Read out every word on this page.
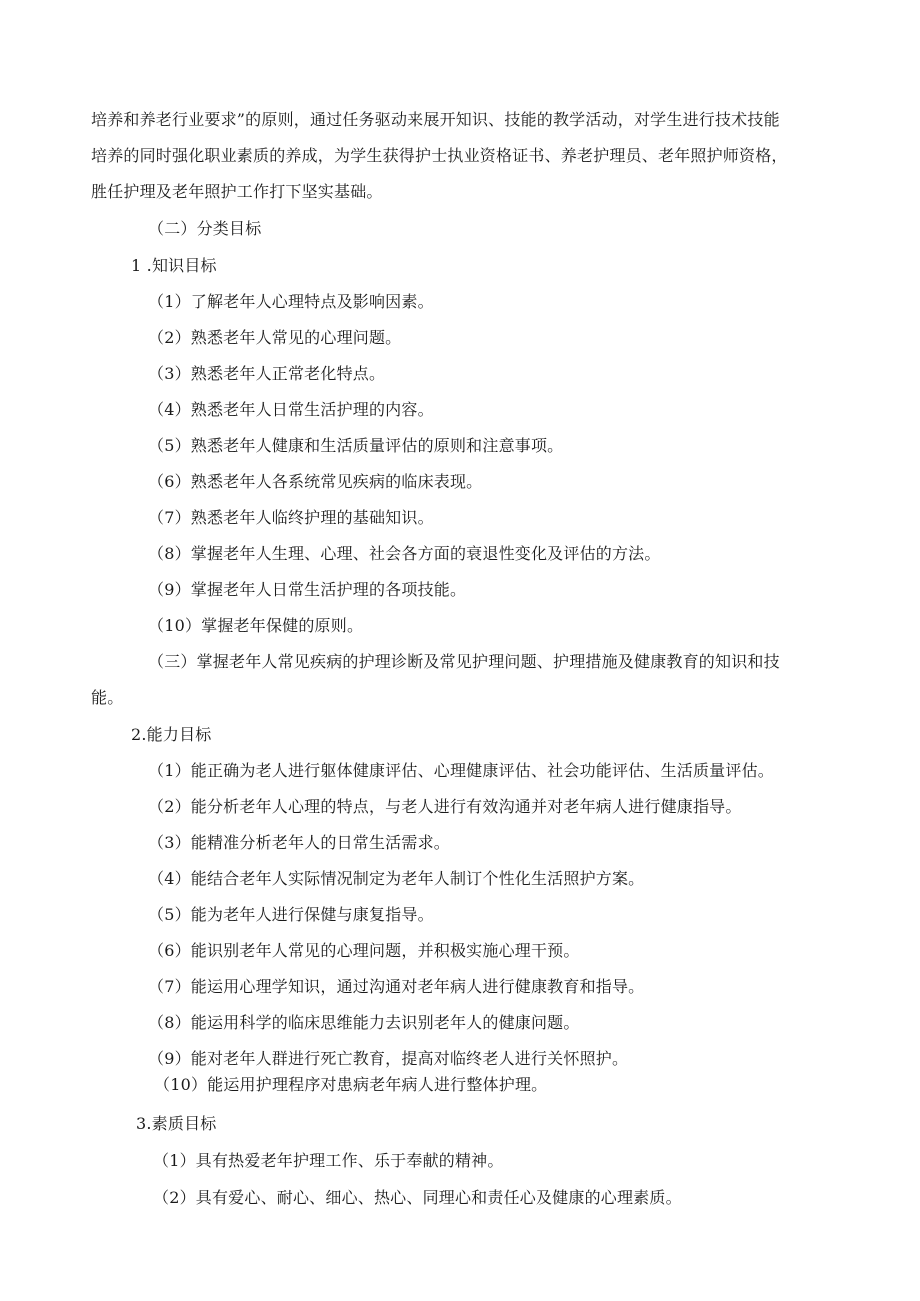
培养和养老行业要求”的原则，通过任务驱动来展开知识、技能的教学活动，对学生进行技术技能
培养的同时强化职业素质的养成，为学生获得护士执业资格证书、养老护理员、老年照护师资格，
胜任护理及老年照护工作打下坚实基础。
（二）分类目标
1 .知识目标
（1）了解老年人心理特点及影响因素。
（2）熟悉老年人常见的心理问题。
（3）熟悉老年人正常老化特点。
（4）熟悉老年人日常生活护理的内容。
（5）熟悉老年人健康和生活质量评估的原则和注意事项。
（6）熟悉老年人各系统常见疾病的临床表现。
（7）熟悉老年人临终护理的基础知识。
（8）掌握老年人生理、心理、社会各方面的衰退性变化及评估的方法。
（9）掌握老年人日常生活护理的各项技能。
（10）掌握老年保健的原则。
（三）掌握老年人常见疾病的护理诊断及常见护理问题、护理措施及健康教育的知识和技
能。
2.能力目标
（1）能正确为老人进行躯体健康评估、心理健康评估、社会功能评估、生活质量评估。
（2）能分析老年人心理的特点，与老人进行有效沟通并对老年病人进行健康指导。
（3）能精准分析老年人的日常生活需求。
（4）能结合老年人实际情况制定为老年人制订个性化生活照护方案。
（5）能为老年人进行保健与康复指导。
（6）能识别老年人常见的心理问题，并积极实施心理干预。
（7）能运用心理学知识，通过沟通对老年病人进行健康教育和指导。
（8）能运用科学的临床思维能力去识别老年人的健康问题。
（9）能对老年人群进行死亡教育，提高对临终老人进行关怀照护。
（10）能运用护理程序对患病老年病人进行整体护理。
3.素质目标
（1）具有热爱老年护理工作、乐于奉献的精神。
（2）具有爱心、耐心、细心、热心、同理心和责任心及健康的心理素质。
